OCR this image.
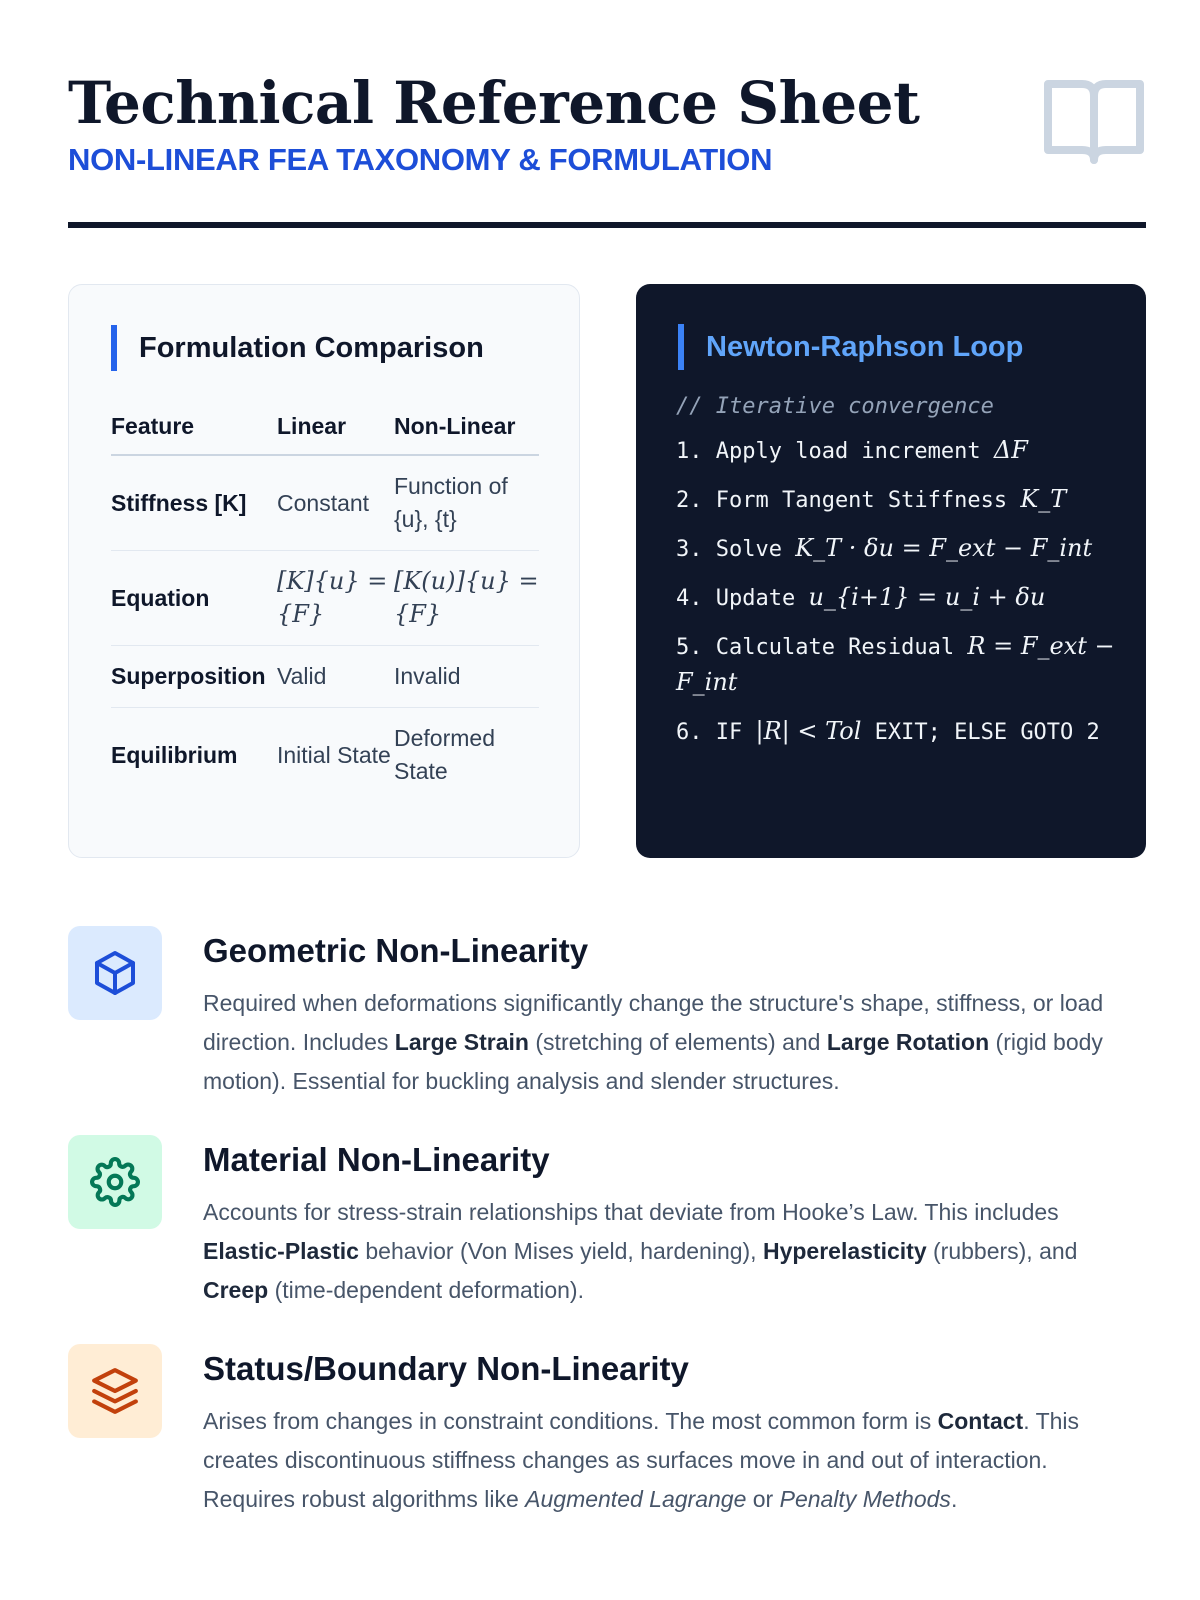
Technical Reference Sheet
NON-LINEAR FEA TAXONOMY & FORMULATION
Formulation Comparison
Feature	Linear	Non-Linear
Stiffness [K]	Constant	Function of {u}, {t}
Equation	[K]{u} = {F}	[K(u)]{u} = {F}
Superposition	Valid	Invalid
Equilibrium	Initial State	Deformed State
Newton-Raphson Loop
// Iterative convergence
1. Apply load increment ΔF
2. Form Tangent Stiffness K_T
3. Solve K_T · δu = F_ext − F_int
4. Update u_{i+1} = u_i + δu
5. Calculate Residual R = F_ext − F_int
6. IF |R| < Tol EXIT; ELSE GOTO 2
Geometric Non-Linearity

Required when deformations significantly change the structure's shape, stiffness, or load direction. Includes Large Strain (stretching of elements) and Large Rotation (rigid body motion). Essential for buckling analysis and slender structures.

Material Non-Linearity

Accounts for stress-strain relationships that deviate from Hooke’s Law. This includes Elastic-Plastic behavior (Von Mises yield, hardening), Hyperelasticity (rubbers), and Creep (time-dependent deformation).

Status/Boundary Non-Linearity

Arises from changes in constraint conditions. The most common form is Contact. This creates discontinuous stiffness changes as surfaces move in and out of interaction. Requires robust algorithms like Augmented Lagrange or Penalty Methods.
